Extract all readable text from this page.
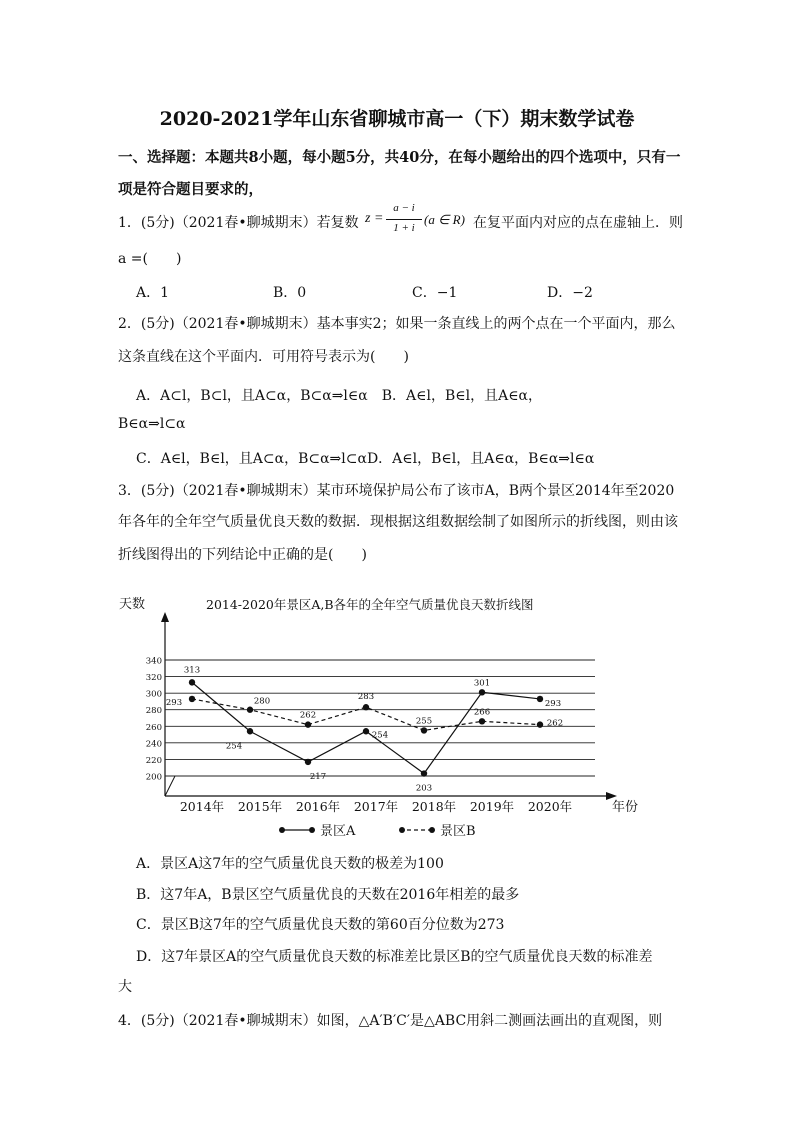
2020-2021学年山东省聊城市高一（下）期末数学试卷
一、选择题：本题共8小题，每小题5分，共40分，在每小题给出的四个选项中，只有一
项是符合题目要求的，
1．(5分)（2021春•聊城期末）若复数 z =
a − i
1 + i
(a ∈ R) 在复平面内对应的点在虚轴上．则
a =(　　)
A．1	B．0	C．−1	D．−2
2．(5分)（2021春•聊城期末）基本事实2；如果一条直线上的两个点在一个平面内，那么
这条直线在这个平面内．可用符号表示为(　　)
A．A⊂l，B⊂l，且A⊂α，B⊂α⇒l∈α　B．A∈l，B∈l，且A∈α，
B∈α⇒l⊂α
C．A∈l，B∈l，且A⊂α，B⊂α⇒l⊂αD．A∈l，B∈l，且A∈α，B∈α⇒l∈α
3．(5分)（2021春•聊城期末）某市环境保护局公布了该市A，B两个景区2014年至2020
年各年的全年空气质量优良天数的数据．现根据这组数据绘制了如图所示的折线图，则由该
折线图得出的下列结论中正确的是(　　)
200
220
240
260
280
300
320
340
天数	2014-2020年景区A,B各年的全年空气质量优良天数折线图
年份
2014年 2015年 2016年 2017年 2018年 2019年 2020年
313
254
217
254
203
301
293
293	280
262
283
255
266
262
景区A	景区B
A．景区A这7年的空气质量优良天数的极差为100
B．这7年A，B景区空气质量优良的天数在2016年相差的最多
C．景区B这7年的空气质量优良天数的第60百分位数为273
D．这7年景区A的空气质量优良天数的标准差比景区B的空气质量优良天数的标准差
大
4．(5分)（2021春•聊城期末）如图，△A′B′C′是△ABC用斜二测画法画出的直观图，则
